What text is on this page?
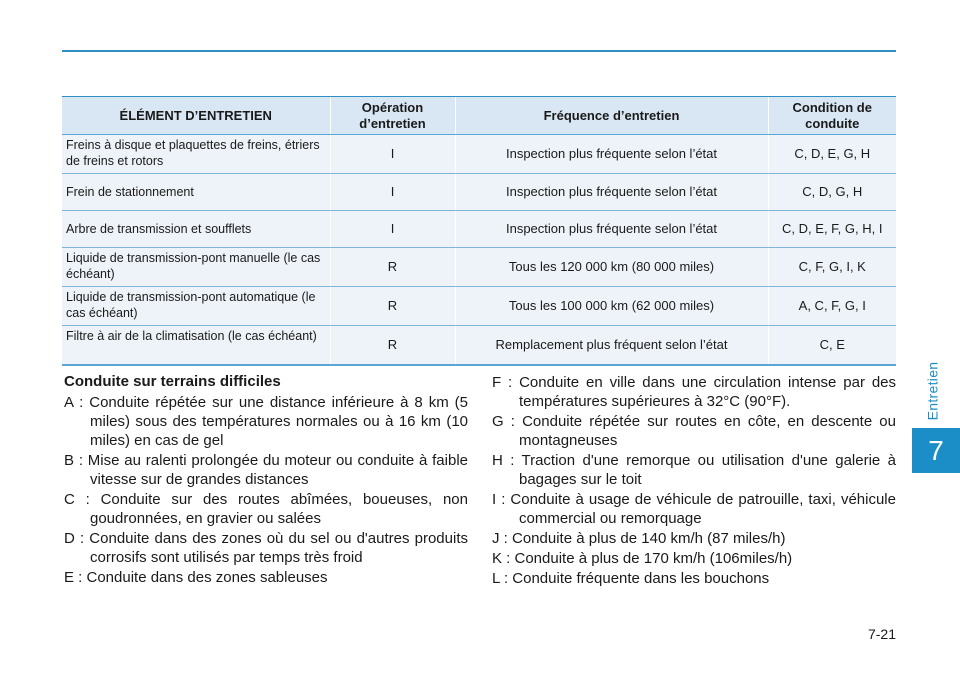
Entretien
7
ÉLÉMENT D’ENTRETIEN	Opération d’entretien	Fréquence d’entretien	Condition de conduite
Freins à disque et plaquettes de freins, étriers de freins et rotors	I	Inspection plus fréquente selon l’état	C, D, E, G, H
Frein de stationnement	I	Inspection plus fréquente selon l’état	C, D, G, H
Arbre de transmission et soufflets	I	Inspection plus fréquente selon l’état	C, D, E, F, G, H, I
Liquide de transmission-pont manuelle (le cas échéant)	R	Tous les 120 000 km (80 000 miles)	C, F, G, I, K
Liquide de transmission-pont automatique (le cas échéant)	R	Tous les 100 000 km (62 000 miles)	A, C, F, G, I
Filtre à air de la climatisation (le cas échéant)	R	Remplacement plus fréquent selon l’état	C, E
Conduite sur terrains difficiles

A : Conduite répétée sur une distance inférieure à 8 km (5 miles) sous des températures normales ou à 16 km (10 miles) en cas de gel

B : Mise au ralenti prolongée du moteur ou conduite à faible vitesse sur de grandes distances

C : Conduite sur des routes abîmées, boueuses, non goudronnées, en gravier ou salées

D : Conduite dans des zones où du sel ou d'autres produits corrosifs sont utilisés par temps très froid

E : Conduite dans des zones sableuses

F : Conduite en ville dans une circulation intense par des températures supérieures à 32°C (90°F).

G : Conduite répétée sur routes en côte, en descente ou montagneuses

H : Traction d'une remorque ou utilisation d'une galerie à bagages sur le toit

I : Conduite à usage de véhicule de patrouille, taxi, véhicule commercial ou remorquage

J : Conduite à plus de 140 km/h (87 miles/h)

K : Conduite à plus de 170 km/h (106miles/h)

L : Conduite fréquente dans les bouchons

7-21
